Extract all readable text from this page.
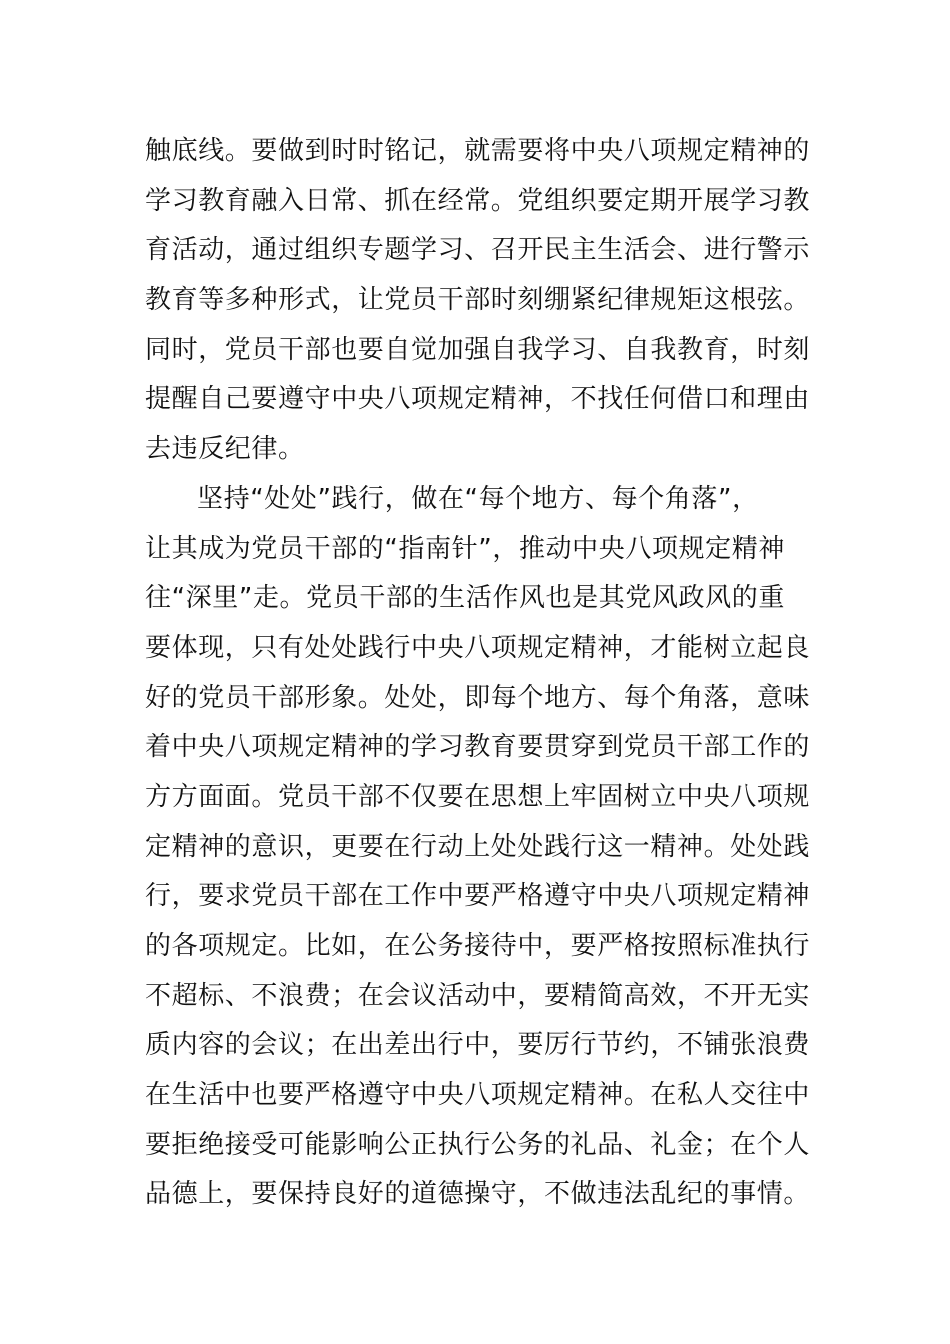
触底线。要做到时时铭记，就需要将中央八项规定精神的
学习教育融入日常、抓在经常。党组织要定期开展学习教
育活动，通过组织专题学习、召开民主生活会、进行警示
教育等多种形式，让党员干部时刻绷紧纪律规矩这根弦。
同时，党员干部也要自觉加强自我学习、自我教育，时刻
提醒自己要遵守中央八项规定精神，不找任何借口和理由
去违反纪律。
坚持“处处”践行，做在“每个地方、每个角落”，
让其成为党员干部的“指南针”，推动中央八项规定精神
往“深里”走。党员干部的生活作风也是其党风政风的重
要体现，只有处处践行中央八项规定精神，才能树立起良
好的党员干部形象。处处，即每个地方、每个角落，意味
着中央八项规定精神的学习教育要贯穿到党员干部工作的
方方面面。党员干部不仅要在思想上牢固树立中央八项规
定精神的意识，更要在行动上处处践行这一精神。处处践
行，要求党员干部在工作中要严格遵守中央八项规定精神
的各项规定。比如，在公务接待中，要严格按照标准执行
不超标、不浪费；在会议活动中，要精简高效，不开无实
质内容的会议；在出差出行中，要厉行节约，不铺张浪费
在生活中也要严格遵守中央八项规定精神。在私人交往中
要拒绝接受可能影响公正执行公务的礼品、礼金；在个人
品德上，要保持良好的道德操守，不做违法乱纪的事情。
